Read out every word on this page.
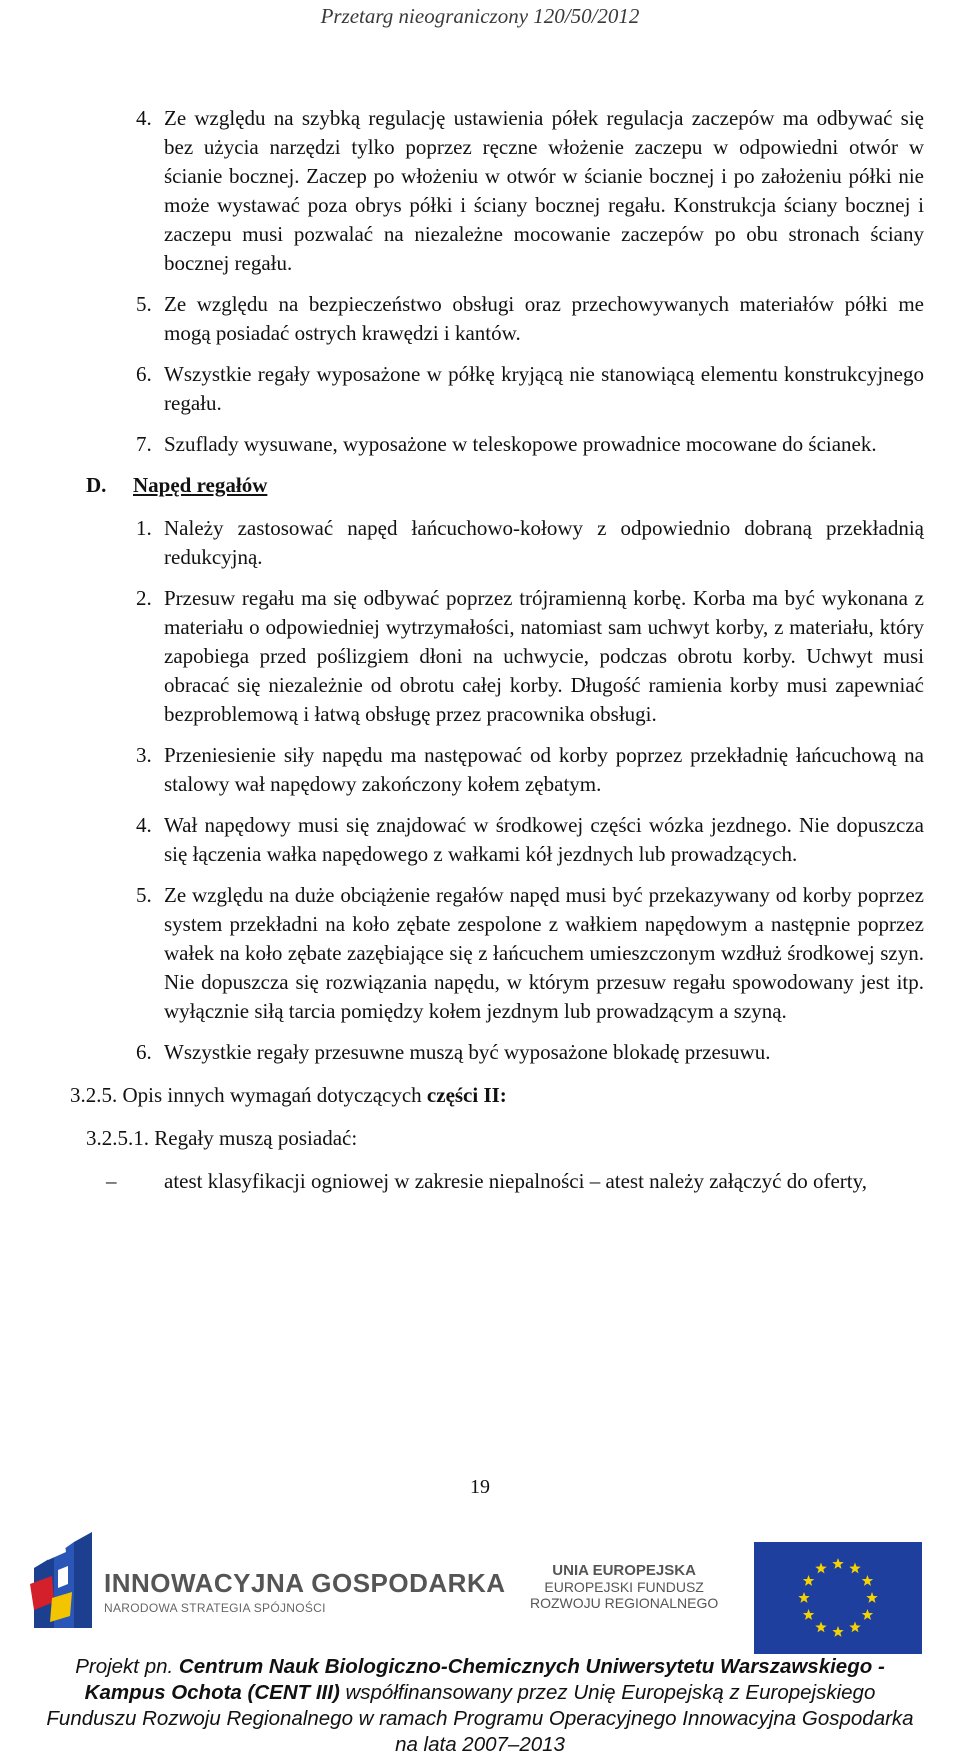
Przetarg nieograniczony 120/50/2012
4. Ze względu na szybką regulację ustawienia półek regulacja zaczepów ma odbywać się bez użycia narzędzi tylko poprzez ręczne włożenie zaczepu w odpowiedni otwór w ścianie bocznej. Zaczep po włożeniu w otwór w ścianie bocznej i po założeniu półki nie może wystawać poza obrys półki i ściany bocznej regału. Konstrukcja ściany bocznej i zaczepu musi pozwalać na niezależne mocowanie zaczepów po obu stronach ściany bocznej regału.
5. Ze względu na bezpieczeństwo obsługi oraz przechowywanych materiałów półki me mogą posiadać ostrych krawędzi i kantów.
6. Wszystkie regały wyposażone w półkę kryjącą nie stanowiącą elementu konstrukcyjnego regału.
7. Szuflady wysuwane, wyposażone w teleskopowe prowadnice mocowane do ścianek.
D. Napęd regałów
1. Należy zastosować napęd łańcuchowo-kołowy z odpowiednio dobraną przekładnią redukcyjną.
2. Przesuw regału ma się odbywać poprzez trójramienną korbę. Korba ma być wykonana z materiału o odpowiedniej wytrzymałości, natomiast sam uchwyt korby, z materiału, który zapobiega przed poślizgiem dłoni na uchwycie, podczas obrotu korby. Uchwyt musi obracać się niezależnie od obrotu całej korby. Długość ramienia korby musi zapewniać bezproblemową i łatwą obsługę przez pracownika obsługi.
3. Przeniesienie siły napędu ma następować od korby poprzez przekładnię łańcuchową na stalowy wał napędowy zakończony kołem zębatym.
4. Wał napędowy musi się znajdować w środkowej części wózka jezdnego. Nie dopuszcza się łączenia wałka napędowego z wałkami kół jezdnych lub prowadzących.
5. Ze względu na duże obciążenie regałów napęd musi być przekazywany od korby poprzez system przekładni na koło zębate zespolone z wałkiem napędowym a następnie poprzez wałek na koło zębate zazębiające się z łańcuchem umieszczonym wzdłuż środkowej szyn. Nie dopuszcza się rozwiązania napędu, w którym przesuw regału spowodowany jest itp. wyłącznie siłą tarcia pomiędzy kołem jezdnym lub prowadzącym a szyną.
6. Wszystkie regały przesuwne muszą być wyposażone blokadę przesuwu.
3.2.5. Opis innych wymagań dotyczących części II:
3.2.5.1. Regały muszą posiadać:
– atest klasyfikacji ogniowej w zakresie niepalności – atest należy załączyć do oferty,
19
INNOWACYJNA GOSPODARKA
NARODOWA STRATEGIA SPÓJNOŚCI
UNIA EUROPEJSKA
EUROPEJSKI FUNDUSZ
ROZWOJU REGIONALNEGO
Projekt pn. Centrum Nauk Biologiczno-Chemicznych Uniwersytetu Warszawskiego -
Kampus Ochota (CENT III) współfinansowany przez Unię Europejską z Europejskiego
Funduszu Rozwoju Regionalnego w ramach Programu Operacyjnego Innowacyjna Gospodarka
na lata 2007–2013
